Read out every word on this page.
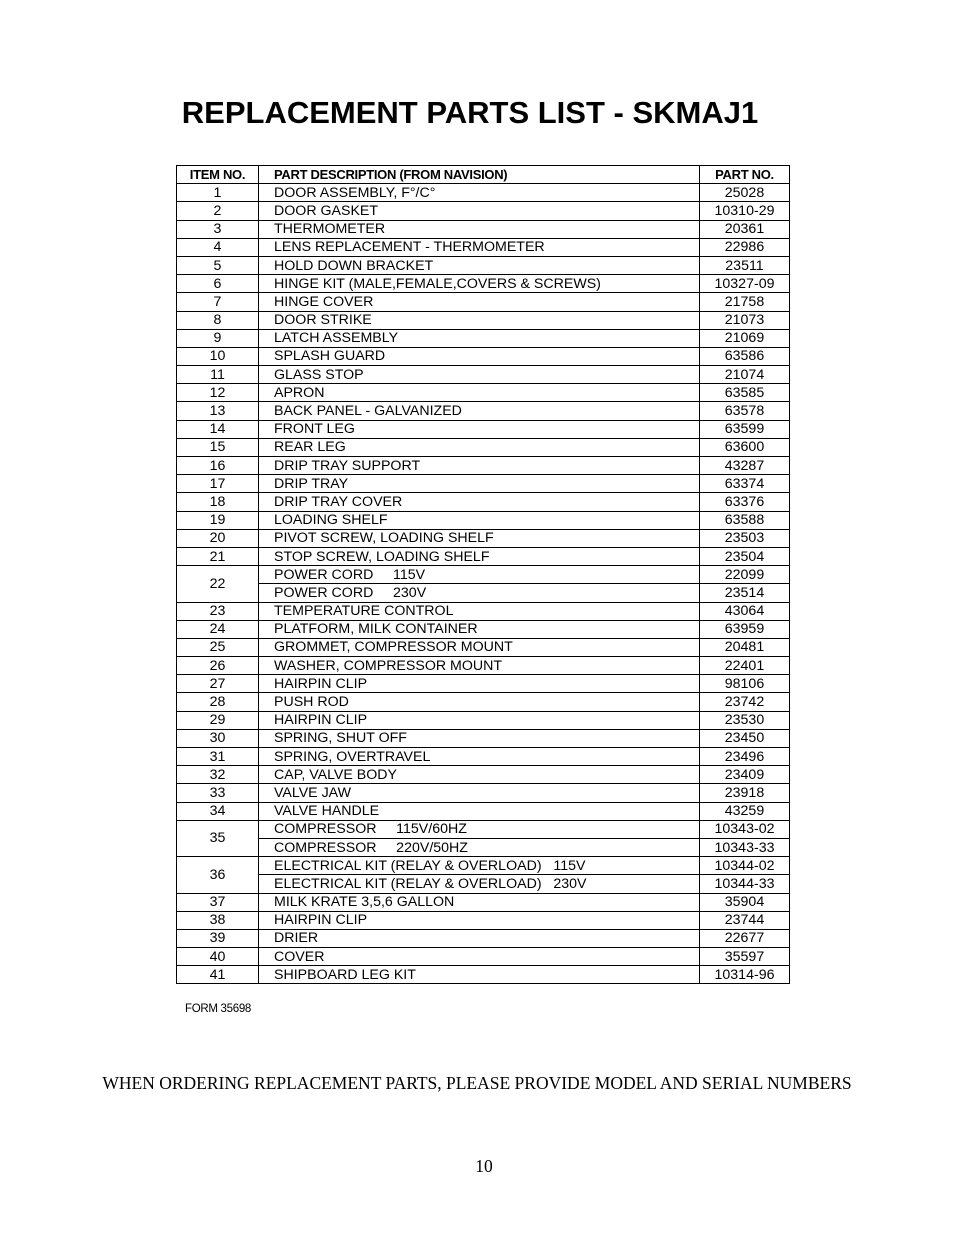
REPLACEMENT PARTS LIST - SKMAJ1
ITEM NO.	PART DESCRIPTION (FROM NAVISION)	PART NO.
1	DOOR ASSEMBLY, F°/C°	25028
2	DOOR GASKET	10310-29
3	THERMOMETER	20361
4	LENS REPLACEMENT - THERMOMETER	22986
5	HOLD DOWN BRACKET	23511
6	HINGE KIT (MALE,FEMALE,COVERS & SCREWS)	10327-09
7	HINGE COVER	21758
8	DOOR STRIKE	21073
9	LATCH ASSEMBLY	21069
10	SPLASH GUARD	63586
11	GLASS STOP	21074
12	APRON	63585
13	BACK PANEL - GALVANIZED	63578
14	FRONT LEG	63599
15	REAR LEG	63600
16	DRIP TRAY SUPPORT	43287
17	DRIP TRAY	63374
18	DRIP TRAY COVER	63376
19	LOADING SHELF	63588
20	PIVOT SCREW, LOADING SHELF	23503
21	STOP SCREW, LOADING SHELF	23504
22	POWER CORD     115V	22099
	POWER CORD     230V	23514
23	TEMPERATURE CONTROL	43064
24	PLATFORM, MILK CONTAINER	63959
25	GROMMET, COMPRESSOR MOUNT	20481
26	WASHER, COMPRESSOR MOUNT	22401
27	HAIRPIN CLIP	98106
28	PUSH ROD	23742
29	HAIRPIN CLIP	23530
30	SPRING, SHUT OFF	23450
31	SPRING, OVERTRAVEL	23496
32	CAP, VALVE BODY	23409
33	VALVE JAW	23918
34	VALVE HANDLE	43259
35	COMPRESSOR     115V/60HZ	10343-02
	COMPRESSOR     220V/50HZ	10343-33
36	ELECTRICAL KIT (RELAY & OVERLOAD)   115V	10344-02
	ELECTRICAL KIT (RELAY & OVERLOAD)   230V	10344-33
37	MILK KRATE 3,5,6 GALLON	35904
38	HAIRPIN CLIP	23744
39	DRIER	22677
40	COVER	35597
41	SHIPBOARD LEG KIT	10314-96
FORM 35698
WHEN ORDERING REPLACEMENT PARTS, PLEASE PROVIDE MODEL AND SERIAL NUMBERS
10
